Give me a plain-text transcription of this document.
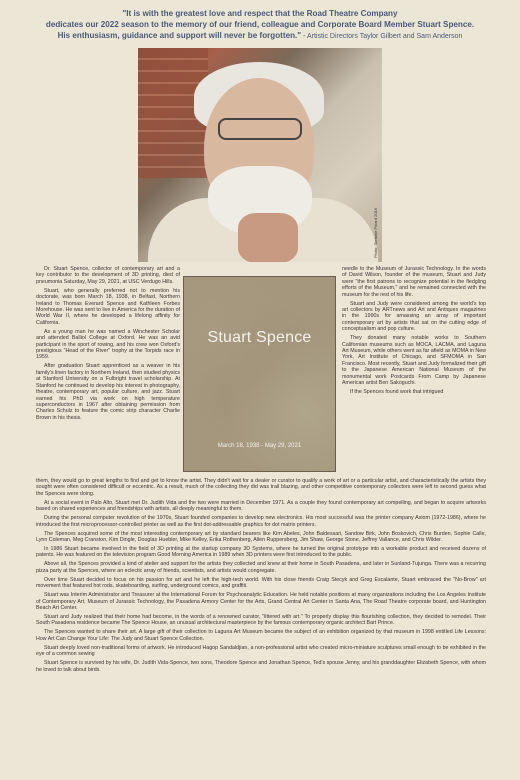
"It is with the greatest love and respect that the Road Theatre Company
dedicates our 2022 season to the memory of our friend, colleague and Corporate Board Member Stuart Spence.
His enthusiasm, guidance and support will never be forgotten." - Artistic Directors Taylor Gilbert and Sam Anderson
Photo: Stefanie Pinard 2016

Dr. Stuart Spence, collector of contemporary art and a key contributor to the development of 3D printing, died of pneumonia Saturday, May 29, 2021, at USC Verdugo Hills.

Stuart, who generally preferred not to mention his doctorate, was born March 18, 1938, in Belfast, Northern Ireland to Thomas Everard Spence and Kathleen Forbes Morehouse. He was sent to live in America for the duration of World War II, where he developed a lifelong affinity for California.

As a young man he was named a Winchester Scholar and attended Balliol College at Oxford. He was an avid participant in the sport of rowing, and his crew won Oxford's prestigious "Head of the River" trophy at the Torpids race in 1959.

After graduation Stuart apprenticed as a weaver in his family's linen factory in Northern Ireland, then studied physics at Stanford University on a Fulbright travel scholarship. At Stanford he continued to develop his interest in photography, theatre, contemporary art, popular culture, and jazz. Stuart earned his PhD via work on high temperature superconductors in 1967 after obtaining permission from Charles Schulz to feature the comic strip character Charlie Brown in his thesis.

Stuart Spence
March 18, 1938 - May 29, 2021

needle to the Museum of Jurassic Technology. In the words of David Wilson, founder of the museum, Stuart and Judy were "the first patrons to recognize potential in the fledgling efforts of the Museum," and he remained connected with the museum for the rest of his life.

Stuart and Judy were considered among the world's top art collectors by ARTnews and Art and Antiques magazines in the 1990s for amassing an array of important contemporary art by artists that sat on the cutting edge of conceptualism and pop culture.

They donated many notable works to Southern Californian museums such as MOCA, LACMA, and Laguna Art Museum, while others went as far afield as MOMA in New York, Art Institute of Chicago, and SFMOMA in San Francisco. Most recently, Stuart and Judy formalized their gift to the Japanese American National Museum of the monumental work Postcards From Camp by Japanese American artist Ben Sakoguchi.

If the Spences found work that intrigued

them, they would go to great lengths to find and get to know the artist. They didn't wait for a dealer or curator to qualify a work of art or a particular artist, and characteristically the artists they sought were often considered difficult or eccentric. As a result, much of the collecting they did was trail blazing, and other competitive contemporary collectors were left to second guess what the Spences were doing.

At a social event in Palo Alto, Stuart met Dr. Judith Vida and the two were married in December 1971. As a couple they found contemporary art compelling, and began to acquire artworks based on shared experiences and friendships with artists, all deeply meaningful to them.

During the personal computer revolution of the 1970s, Stuart founded companies to develop new electronics. His most successful was the printer company Axiom (1972-1986), where he introduced the first microprocessor-controlled printer as well as the first dot-addressable graphics for dot matrix printers.

The Spences acquired some of the most interesting contemporary art by standard bearers like Kim Abeles, John Baldessari, Sandow Birk, John Boskovich, Chris Burden, Sophie Calle, Lynn Coleman, Meg Cranston, Kim Dingle, Douglas Huebler, Mike Kelley, Erika Rothenberg, Allen Ruppersberg, Jim Shaw, George Stone, Jeffrey Vallance, and Chris Wilder.

In 1986 Stuart became involved in the field of 3D printing at the startup company 3D Systems, where he turned the original prototype into a workable product and received dozens of patents. He was featured on the television program Good Morning America in 1989 when 3D printers were first introduced to the public.

Above all, the Spences provided a kind of atelier and support for the artists they collected and knew at their home in South Pasadena, and later in Sunland-Tujunga. There was a recurring pizza party at the Spences, where an eclectic array of friends, scientists, and artists would congregate.

Over time Stuart decided to focus on his passion for art and he left the high-tech world. With his close friends Craig Stecyk and Greg Escalante, Stuart embraced the "No-Brow" art movement that featured hot rods, skateboarding, surfing, underground comics, and graffiti.

Stuart was Interim Administrator and Treasurer at the International Forum for Psychoanalytic Education. He held notable positions at many organizations including the Los Angeles Institute of Contemporary Art, Museum of Jurassic Technology, the Pasadena Armory Center for the Arts, Grand Central Art Center in Santa Ana, The Road Theatre corporate board, and Huntington Beach Art Center.

Stuart and Judy realized that their home had become, in the words of a renowned curator, "littered with art." To properly display this flourishing collection, they decided to remodel. Their South Pasadena residence became The Spence House, an unusual architectural masterpiece by the famous contemporary organic architect Bart Prince.

The Spences wanted to share their art. A large gift of their collection to Laguna Art Museum became the subject of an exhibition organized by that museum in 1998 entitled Life Lessons: How Art Can Change Your Life: The Judy and Stuart Spence Collection.

Stuart deeply loved non-traditional forms of artwork. He introduced Hagop Sandaldjian, a non-professional artist who created micro-miniature sculptures small enough to be exhibited in the eye of a common sewing

Stuart Spence is survived by his wife, Dr. Judith Vida-Spence, two sons, Theodore Spence and Jonathan Spence, Ted's spouse Jenny, and his granddaughter Elizabeth Spence, with whom he loved to talk about birds.
